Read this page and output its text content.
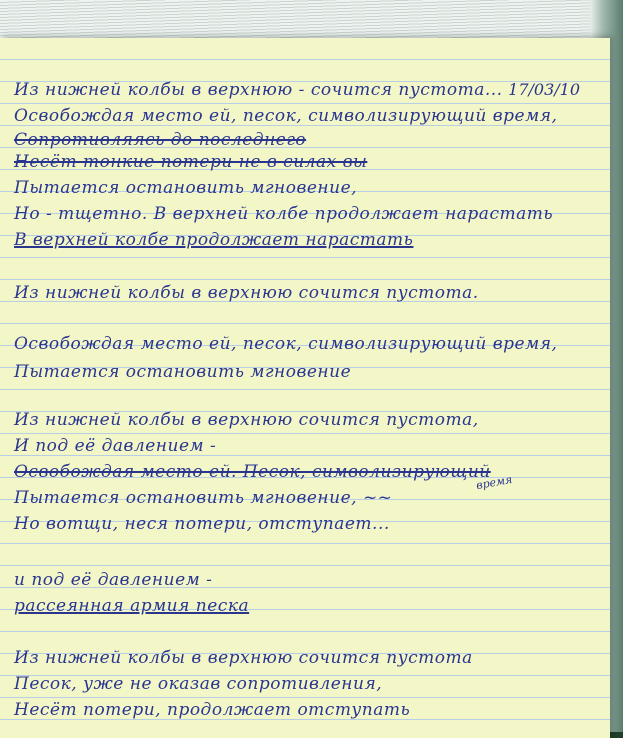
17/03/10
время
Из нижней колбы в верхнюю - сочится пустота...
Освобождая место ей, песок, символизирующий время,
Сопротивляясь до последнего
Несёт тонкие потери не в силах вы
Пытается остановить мгновение,
Но - тщетно. В верхней колбе продолжает нарастать
В верхней колбе продолжает нарастать
Из нижней колбы в верхнюю сочится пустота.
Освобождая место ей, песок, символизирующий время,
Пытается остановить мгновение
Из нижней колбы в верхнюю сочится пустота,
И под её давлением -
Освобождая место ей. Песок, символизирующий
Пытается остановить мгновение, ~~
Но вотщи, неся потери, отступает...
и под её давлением -
рассеянная армия песка
Из нижней колбы в верхнюю сочится пустота
Песок, уже не оказав сопротивления,
Несёт потери, продолжает отступать
